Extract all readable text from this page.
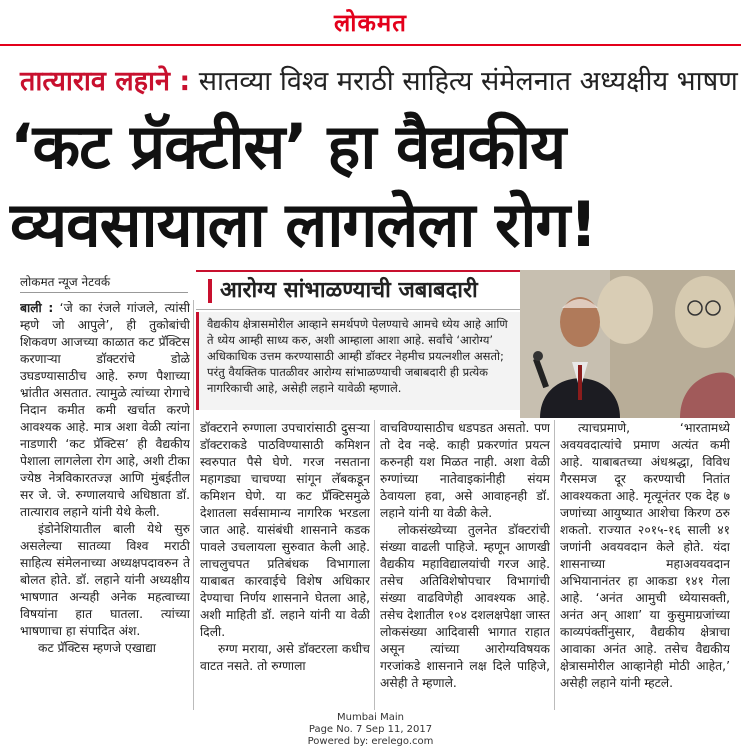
लोकमत
तात्याराव लहाने : सातव्या विश्व मराठी साहित्य संमेलनात अध्यक्षीय भाषण
‘कट प्रॅक्टीस’ हा वैद्यकीय
व्यवसायाला लागलेला रोग!
लोकमत न्यूज नेटवर्क

बाली : ‘जे का रंजले गांजले, त्यांसी म्हणे जो आपुले’, ही तुकोबांची शिकवण आजच्या काळात कट प्रॅक्टिस करणाऱ्या डॉक्टरांचे डोळे उघडण्यासाठीच आहे. रुग्ण पैशाच्या भ्रांतीत असतात. त्यामुळे त्यांच्या रोगाचे निदान कमीत कमी खर्चात करणे आवश्यक आहे. मात्र अशा वेळी त्यांना नाडणारी ‘कट प्रॅक्टिस’ ही वैद्यकीय पेशाला लागलेला रोग आहे, अशी टीका ज्येष्ठ नेत्रविकारतज्ज्ञ आणि मुंबईतील सर जे. जे. रुग्णालयाचे अधिष्ठाता डॉ. तात्याराव लहाने यांनी येथे केली.

इंडोनेशियातील बाली येथे सुरु असलेल्या सातव्या विश्व मराठी साहित्य संमेलनाच्या अध्यक्षपदावरुन ते बोलत होते. डॉ. लहाने यांनी अध्यक्षीय भाषणात अन्यही अनेक महत्वाच्या विषयांना हात घातला. त्यांच्या भाषणाचा हा संपादित अंश.

कट प्रॅक्टिस म्हणजे एखाद्या

आरोग्य सांभाळण्याची जबाबदारी
वैद्यकीय क्षेत्रासमोरील आव्हाने समर्थपणे पेलण्याचे आमचे ध्येय आहे आणि ते ध्येय आम्ही साध्य करु, अशी आम्हाला आशा आहे. सर्वांचे ‘आरोग्य’ अधिकाधिक उत्तम करण्यासाठी आम्ही डॉक्टर नेहमीच प्रयत्नशील असतो; परंतु वैयक्तिक पातळीवर आरोग्य सांभाळण्याची जबाबदारी ही प्रत्येक नागरिकाची आहे, असेही लहाने यावेळी म्हणाले.

डॉक्टराने रुग्णाला उपचारांसाठी दुसऱ्या डॉक्टराकडे पाठविण्यासाठी कमिशन स्वरुपात पैसे घेणे. गरज नसताना महागड्या चाचण्या सांगून लॅबकडून कमिशन घेणे. या कट प्रॅक्टिसमुळे देशातला सर्वसामान्य नागरिक भरडला जात आहे. यासंबंधी शासनाने कडक पावले उचलायला सुरुवात केली आहे. लाचलुचपत प्रतिबंधक विभागाला याबाबत कारवाईचे विशेष अधिकार देण्याचा निर्णय शासनाने घेतला आहे, अशी माहिती डॉ. लहाने यांनी या वेळी दिली.

रुग्ण मराया, असे डॉक्टरला कधीच वाटत नसते. तो रुग्णाला

वाचविण्यासाठीच धडपडत असतो. पण तो देव नव्हे. काही प्रकरणांत प्रयत्न करुनही यश मिळत नाही. अशा वेळी रुग्णांच्या नातेवाइकांनीही संयम ठेवायला हवा, असे आवाहनही डॉ. लहाने यांनी या वेळी केले.

लोकसंख्येच्या तुलनेत डॉक्टरांची संख्या वाढली पाहिजे. म्हणून आणखी वैद्यकीय महाविद्यालयांची गरज आहे. तसेच अतिविशेषोपचार विभागांची संख्या वाढविणेही आवश्यक आहे. तसेच देशातील १०४ दशलक्षपेक्षा जास्त लोकसंख्या आदिवासी भागात राहात असून त्यांच्या आरोग्यविषयक गरजांकडे शासनाने लक्ष दिले पाहिजे, असेही ते म्हणाले.

त्याचप्रमाणे, ‘भारतामध्ये अवयवदात्यांचे प्रमाण अत्यंत कमी आहे. याबाबतच्या अंधश्रद्धा, विविध गैरसमज दूर करण्याची नितांत आवश्यकता आहे. मृत्यूनंतर एक देह ७ जणांच्या आयुष्यात आशेचा किरण ठरु शकतो. राज्यात २०१५-१६ साली ४१ जणांनी अवयवदान केले होते. यंदा शासनाच्या महाअवयवदान अभियानानंतर हा आकडा १४१ गेला आहे. ‘अनंत आमुची ध्येयासक्ती, अनंत अन् आशा’ या कुसुमाग्रजांच्या काव्यपंक्तींनुसार, वैद्यकीय क्षेत्राचा आवाका अनंत आहे. तसेच वैद्यकीय क्षेत्रासमोरील आव्हानेही मोठी आहेत,’ असेही लहाने यांनी म्हटले.

Mumbai Main
Page No. 7 Sep 11, 2017
Powered by: erelego.com
